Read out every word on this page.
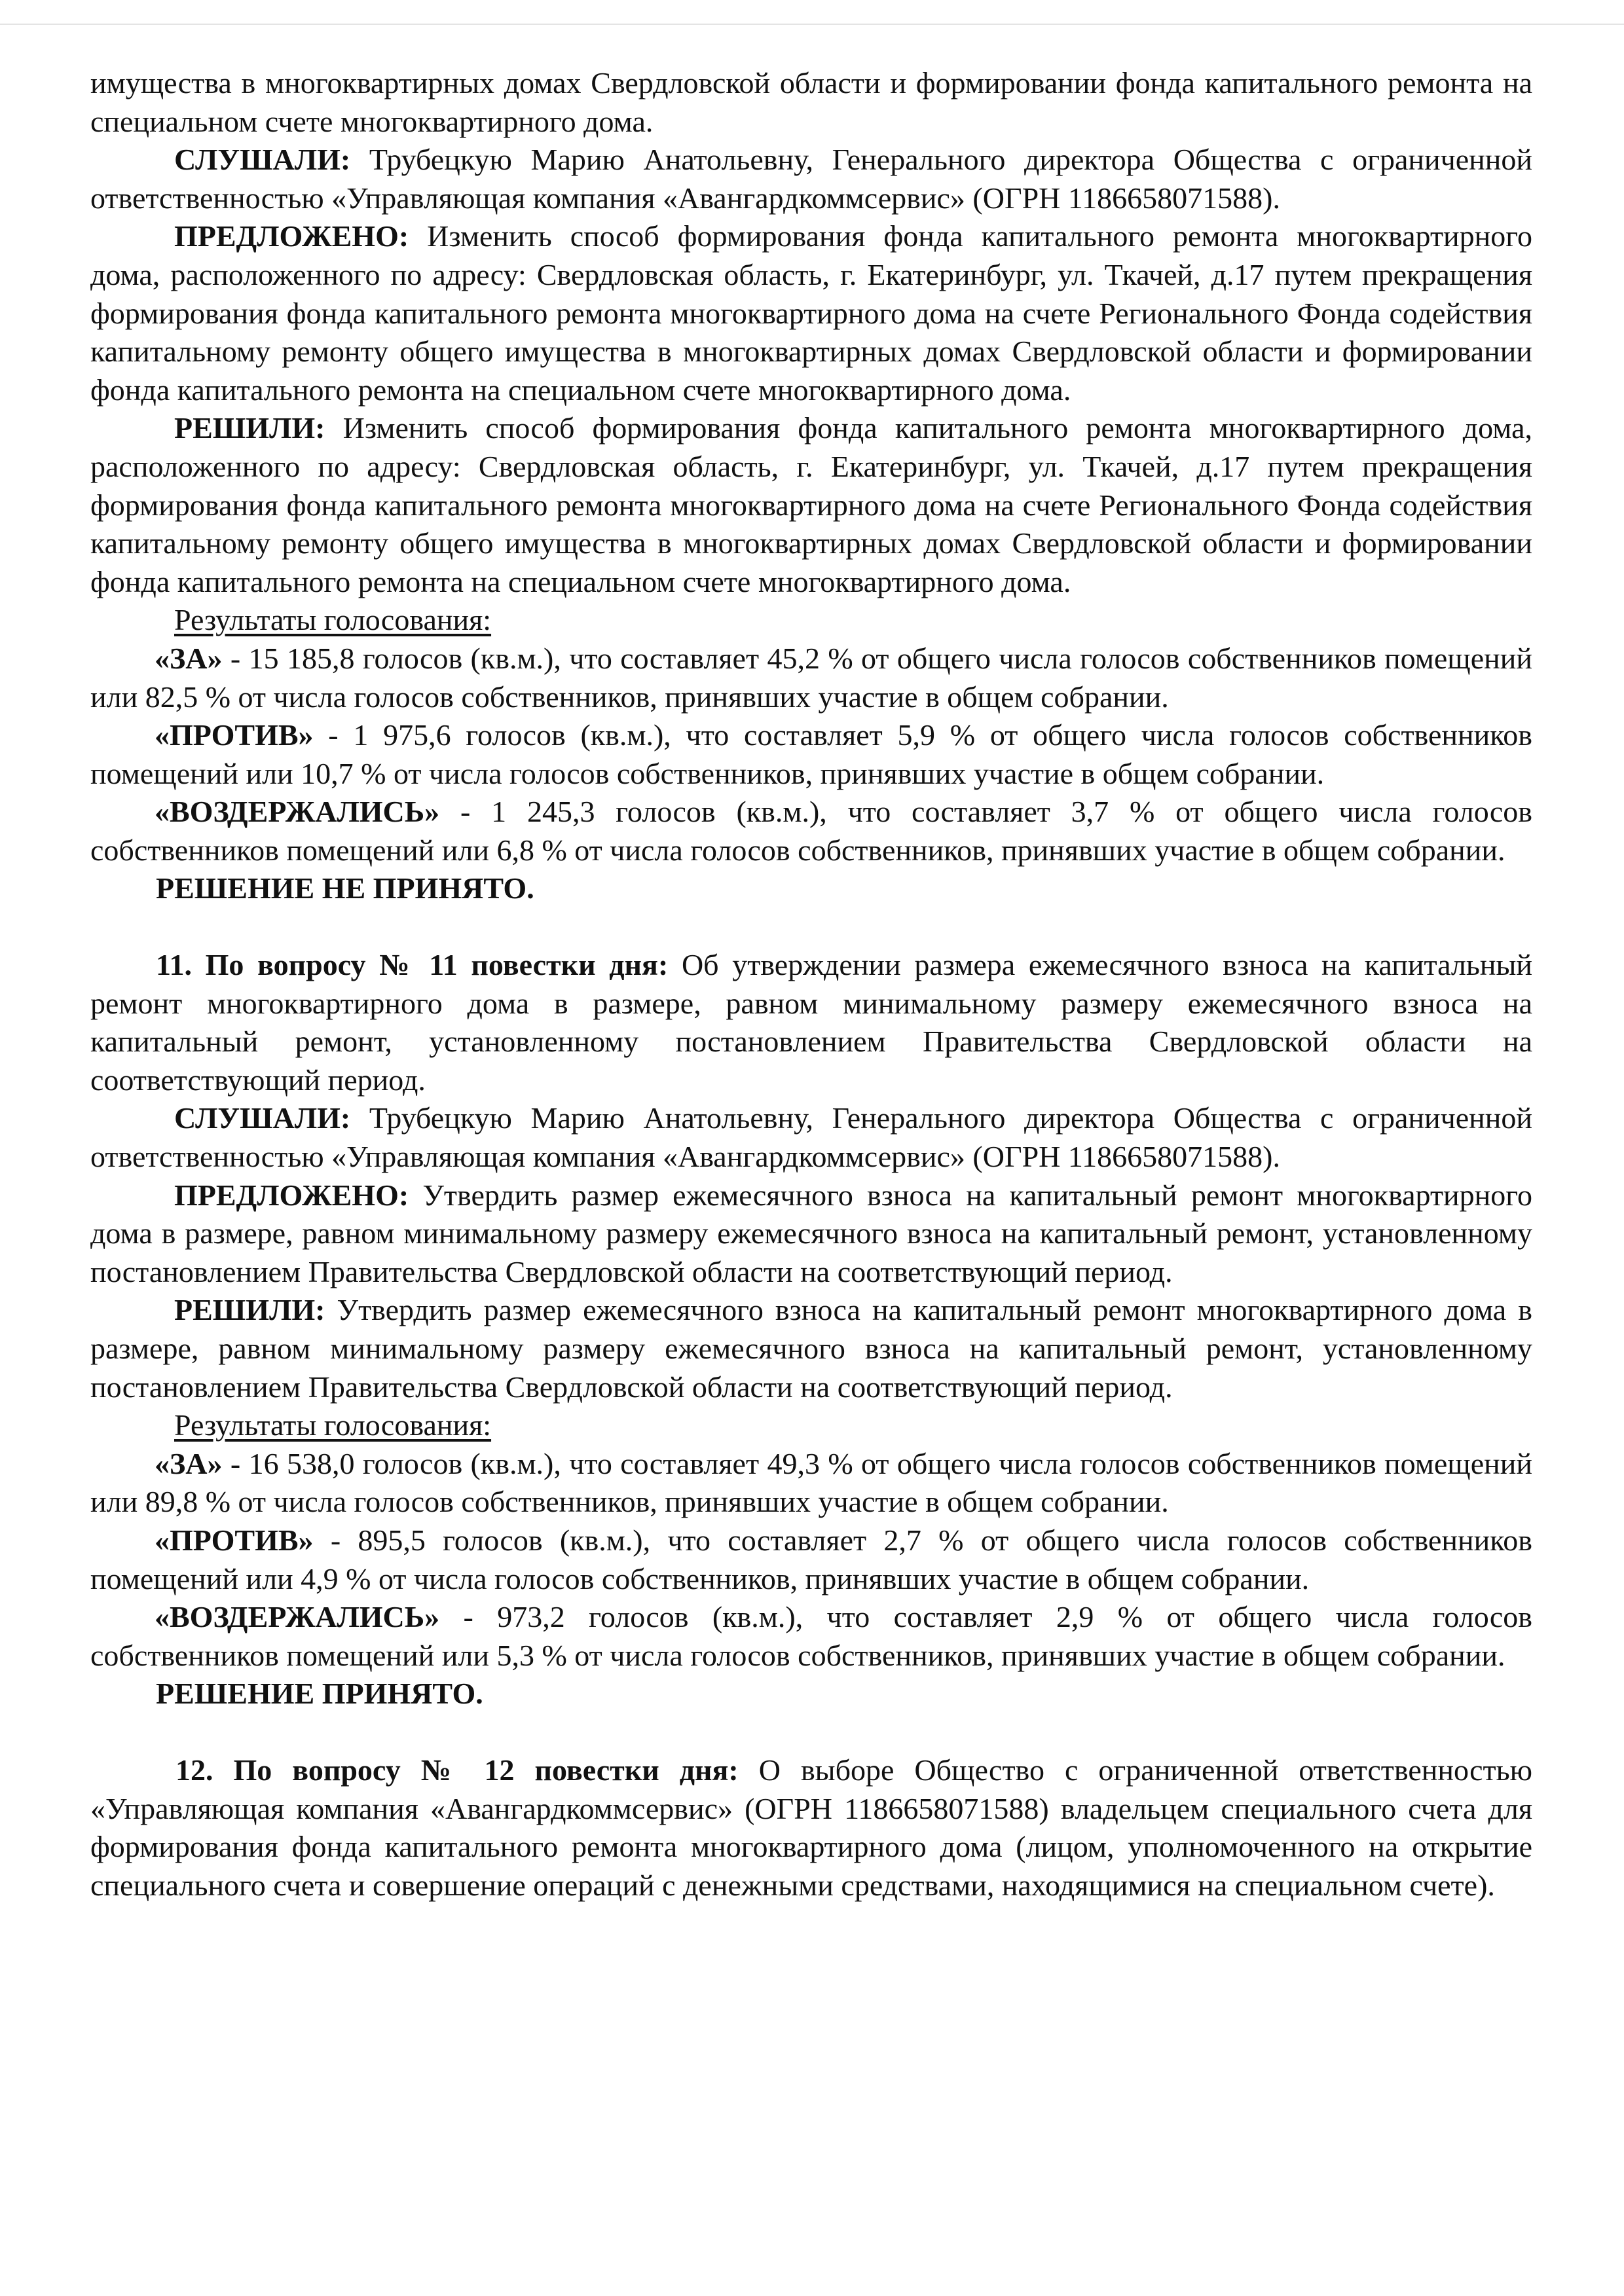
имущества в многоквартирных домах Свердловской области и формировании фонда капитального ремонта на специальном счете многоквартирного дома.

СЛУШАЛИ: Трубецкую Марию Анатольевну, Генерального директора Общества с ограниченной ответственностью «Управляющая компания «Авангардкоммсервис» (ОГРН 1186658071588).

ПРЕДЛОЖЕНО: Изменить способ формирования фонда капитального ремонта многоквартирного дома, расположенного по адресу: Свердловская область, г. Екатеринбург, ул. Ткачей, д.17 путем прекращения формирования фонда капитального ремонта многоквартирного дома на счете Регионального Фонда содействия капитальному ремонту общего имущества в многоквартирных домах Свердловской области и формировании фонда капитального ремонта на специальном счете многоквартирного дома.

РЕШИЛИ: Изменить способ формирования фонда капитального ремонта многоквартирного дома, расположенного по адресу: Свердловская область, г. Екатеринбург, ул. Ткачей, д.17 путем прекращения формирования фонда капитального ремонта многоквартирного дома на счете Регионального Фонда содействия капитальному ремонту общего имущества в многоквартирных домах Свердловской области и формировании фонда капитального ремонта на специальном счете многоквартирного дома.

Результаты голосования:

«ЗА» - 15 185,8 голосов (кв.м.), что составляет 45,2 % от общего числа голосов собственников помещений или 82,5 % от числа голосов собственников, принявших участие в общем собрании.

«ПРОТИВ» - 1 975,6 голосов (кв.м.), что составляет 5,9 % от общего числа голосов собственников помещений или 10,7 % от числа голосов собственников, принявших участие в общем собрании.

«ВОЗДЕРЖАЛИСЬ» - 1 245,3 голосов (кв.м.), что составляет 3,7 % от общего числа голосов собственников помещений или 6,8 % от числа голосов собственников, принявших участие в общем собрании.

РЕШЕНИЕ НЕ ПРИНЯТО.

11. По вопросу № 11 повестки дня: Об утверждении размера ежемесячного взноса на капитальный ремонт многоквартирного дома в размере, равном минимальному размеру ежемесячного взноса на капитальный ремонт, установленному постановлением Правительства Свердловской области на соответствующий период.

СЛУШАЛИ: Трубецкую Марию Анатольевну, Генерального директора Общества с ограниченной ответственностью «Управляющая компания «Авангардкоммсервис» (ОГРН 1186658071588).

ПРЕДЛОЖЕНО: Утвердить размер ежемесячного взноса на капитальный ремонт многоквартирного дома в размере, равном минимальному размеру ежемесячного взноса на капитальный ремонт, установленному постановлением Правительства Свердловской области на соответствующий период.

РЕШИЛИ: Утвердить размер ежемесячного взноса на капитальный ремонт многоквартирного дома в размере, равном минимальному размеру ежемесячного взноса на капитальный ремонт, установленному постановлением Правительства Свердловской области на соответствующий период.

Результаты голосования:

«ЗА» - 16 538,0 голосов (кв.м.), что составляет 49,3 % от общего числа голосов собственников помещений или 89,8 % от числа голосов собственников, принявших участие в общем собрании.

«ПРОТИВ» - 895,5 голосов (кв.м.), что составляет 2,7 % от общего числа голосов собственников помещений или 4,9 % от числа голосов собственников, принявших участие в общем собрании.

«ВОЗДЕРЖАЛИСЬ» - 973,2 голосов (кв.м.), что составляет 2,9 % от общего числа голосов собственников помещений или 5,3 % от числа голосов собственников, принявших участие в общем собрании.

РЕШЕНИЕ ПРИНЯТО.

12. По вопросу № 12 повестки дня: О выборе Общество с ограниченной ответственностью «Управляющая компания «Авангардкоммсервис» (ОГРН 1186658071588) владельцем специального счета для формирования фонда капитального ремонта многоквартирного дома (лицом, уполномоченного на открытие специального счета и совершение операций с денежными средствами, находящимися на специальном счете).
